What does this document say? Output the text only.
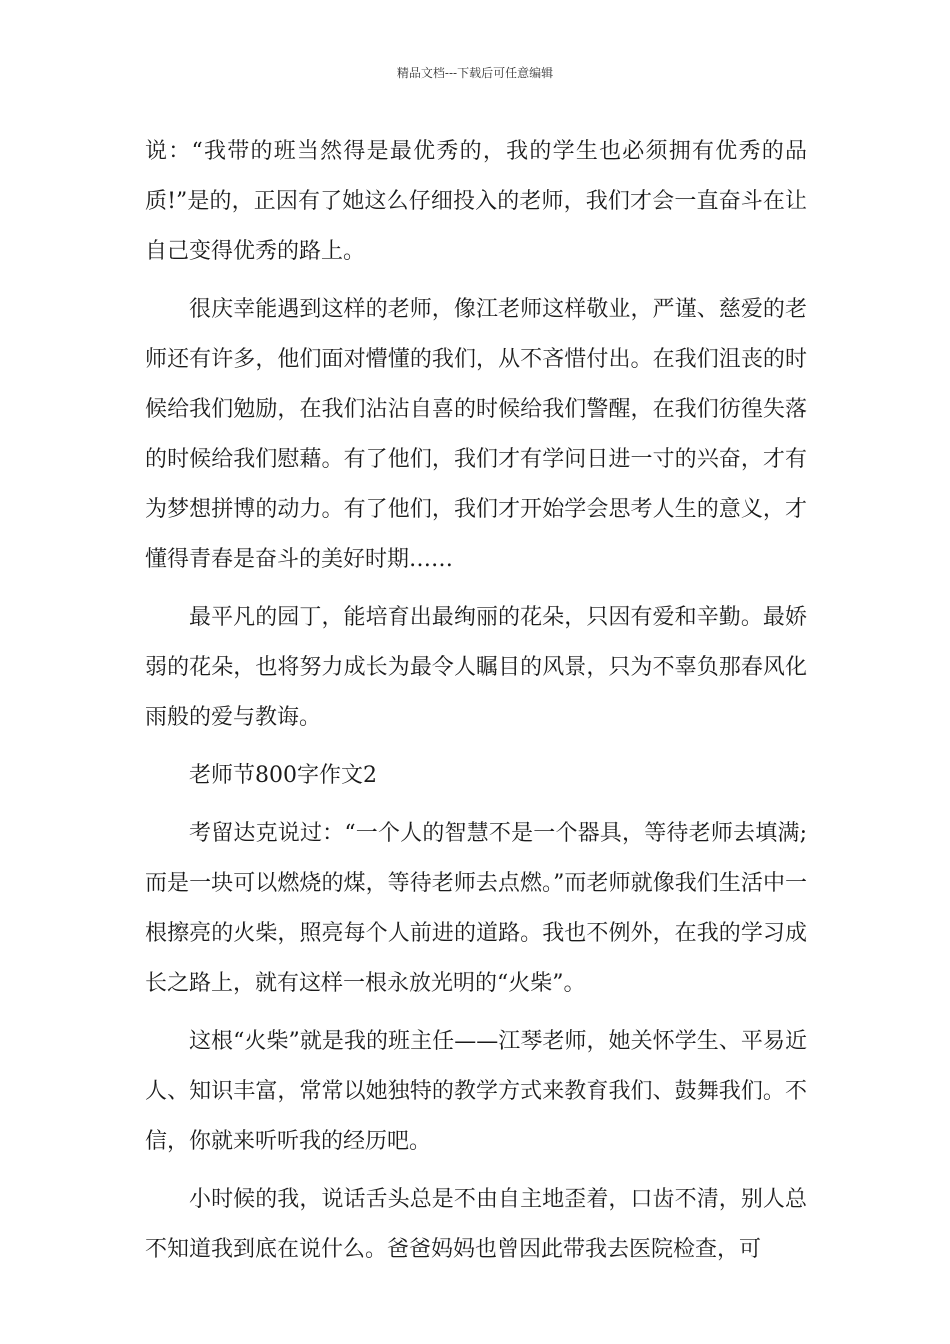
精品文档---下载后可任意编辑

说：“我带的班当然得是最优秀的，我的学生也必须拥有优秀的品质!”是的，正因有了她这么仔细投入的老师，我们才会一直奋斗在让自己变得优秀的路上。

很庆幸能遇到这样的老师，像江老师这样敬业，严谨、慈爱的老师还有许多，他们面对懵懂的我们，从不吝惜付出。在我们沮丧的时候给我们勉励，在我们沾沾自喜的时候给我们警醒，在我们彷徨失落的时候给我们慰藉。有了他们，我们才有学问日进一寸的兴奋，才有为梦想拼博的动力。有了他们，我们才开始学会思考人生的意义，才懂得青春是奋斗的美好时期……

最平凡的园丁，能培育出最绚丽的花朵，只因有爱和辛勤。最娇弱的花朵，也将努力成长为最令人瞩目的风景，只为不辜负那春风化雨般的爱与教诲。

老师节800字作文2

考留达克说过：“一个人的智慧不是一个器具，等待老师去填满;而是一块可以燃烧的煤，等待老师去点燃。”而老师就像我们生活中一根擦亮的火柴，照亮每个人前进的道路。我也不例外，在我的学习成长之路上，就有这样一根永放光明的“火柴”。

这根“火柴”就是我的班主任——江琴老师，她关怀学生、平易近人、知识丰富，常常以她独特的教学方式来教育我们、鼓舞我们。不信，你就来听听我的经历吧。

小时候的我，说话舌头总是不由自主地歪着，口齿不清，别人总不知道我到底在说什么。爸爸妈妈也曾因此带我去医院检查，可
